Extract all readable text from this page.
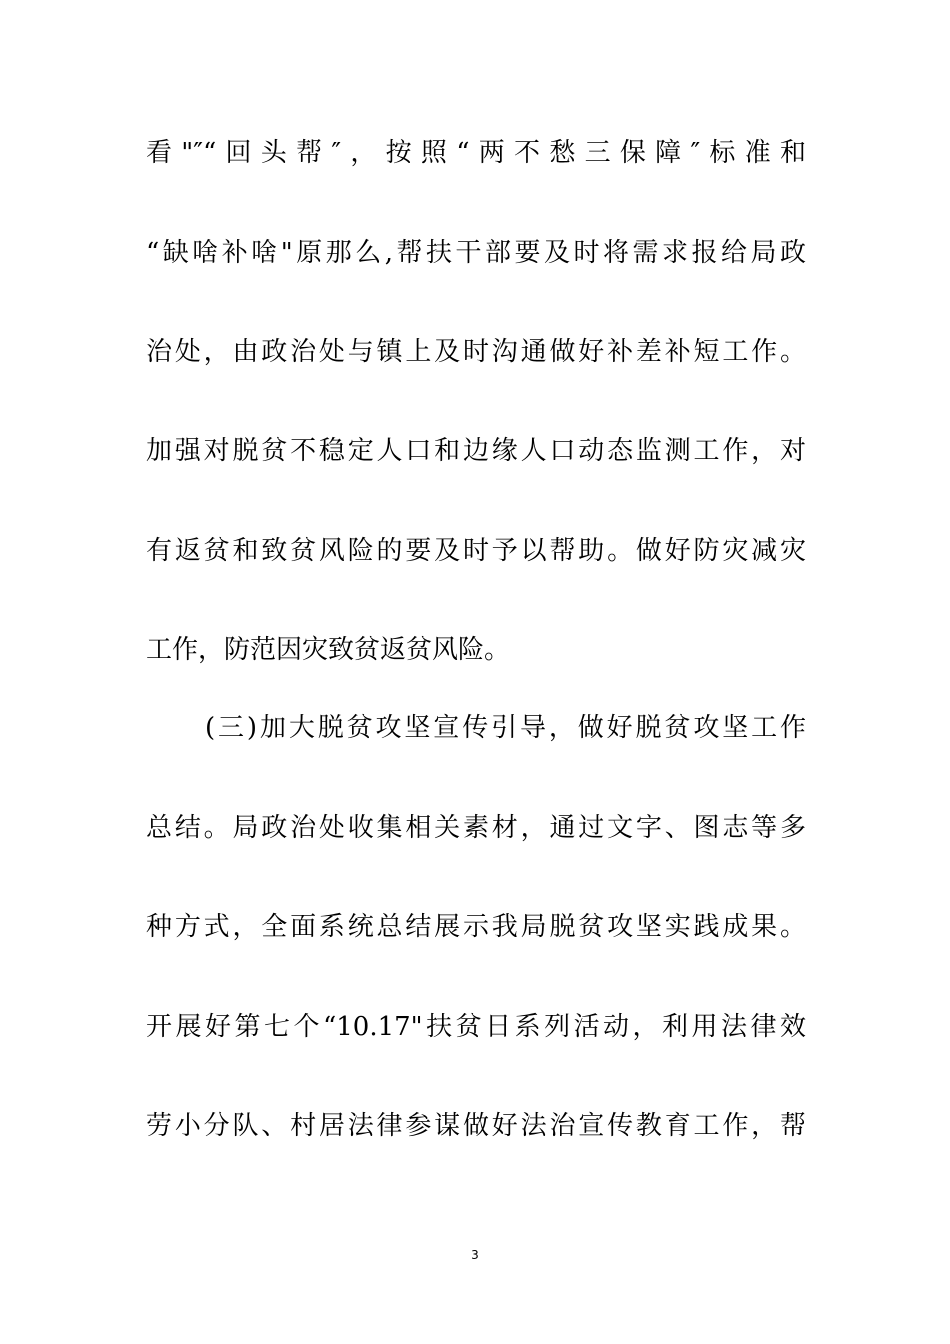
看"″“回头帮″，按照“两不愁三保障″标准和
“缺啥补啥"原那么,帮扶干部要及时将需求报给局政
治处，由政治处与镇上及时沟通做好补差补短工作。
加强对脱贫不稳定人口和边缘人口动态监测工作，对
有返贫和致贫风险的要及时予以帮助。做好防灾减灾
工作，防范因灾致贫返贫风险。
(三)加大脱贫攻坚宣传引导，做好脱贫攻坚工作
总结。局政治处收集相关素材，通过文字、图志等多
种方式，全面系统总结展示我局脱贫攻坚实践成果。
开展好第七个“10.17"扶贫日系列活动，利用法律效
劳小分队、村居法律参谋做好法治宣传教育工作，帮
3
